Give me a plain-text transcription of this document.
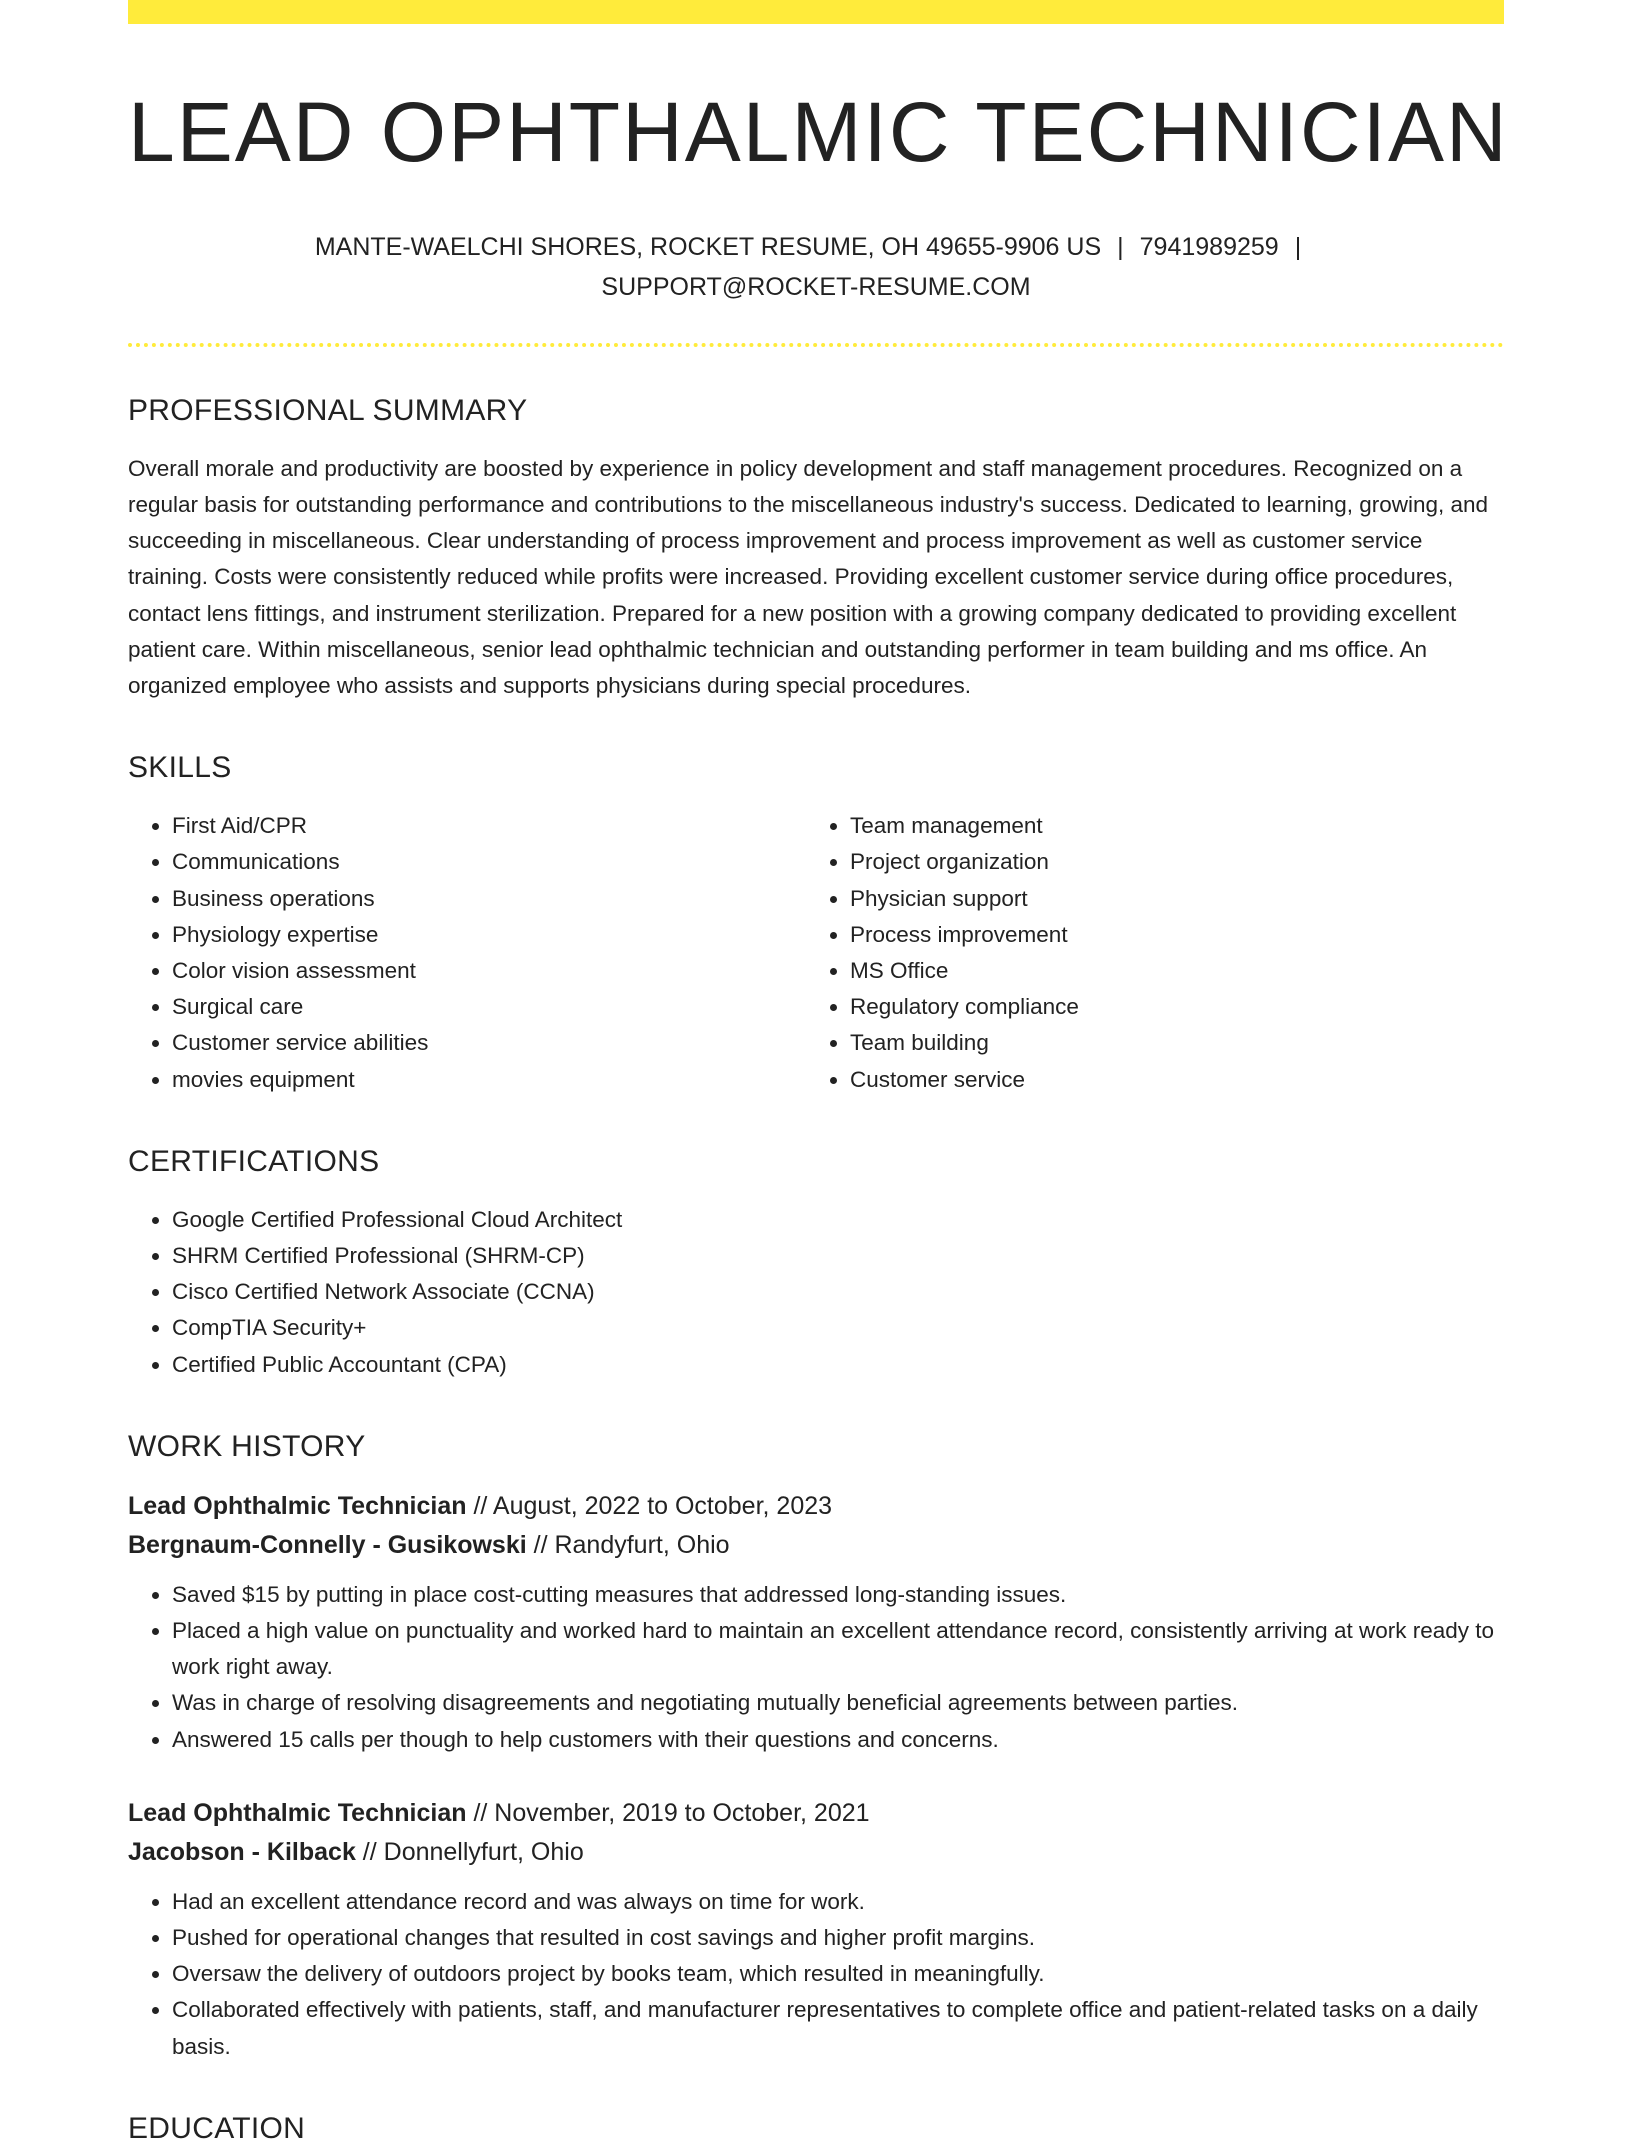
LEAD OPHTHALMIC TECHNICIAN
MANTE-WAELCHI SHORES, ROCKET RESUME, OH 49655-9906 US | 7941989259 |
SUPPORT@ROCKET-RESUME.COM
PROFESSIONAL SUMMARY

Overall morale and productivity are boosted by experience in policy development and staff management procedures. Recognized on a regular basis for outstanding performance and contributions to the miscellaneous industry's success. Dedicated to learning, growing, and succeeding in miscellaneous. Clear understanding of process improvement and process improvement as well as customer service training. Costs were consistently reduced while profits were increased. Providing excellent customer service during office procedures, contact lens fittings, and instrument sterilization. Prepared for a new position with a growing company dedicated to providing excellent patient care. Within miscellaneous, senior lead ophthalmic technician and outstanding performer in team building and ms office. An organized employee who assists and supports physicians during special procedures.

SKILLS
• First Aid/CPR
• Communications
• Business operations
• Physiology expertise
• Color vision assessment
• Surgical care
• Customer service abilities
• movies equipment
• Team management
• Project organization
• Physician support
• Process improvement
• MS Office
• Regulatory compliance
• Team building
• Customer service
CERTIFICATIONS
• Google Certified Professional Cloud Architect
• SHRM Certified Professional (SHRM-CP)
• Cisco Certified Network Associate (CCNA)
• CompTIA Security+
• Certified Public Accountant (CPA)
WORK HISTORY
Lead Ophthalmic Technician // August, 2022 to October, 2023
Bergnaum-Connelly - Gusikowski // Randyfurt, Ohio
• Saved $15 by putting in place cost-cutting measures that addressed long-standing issues.
• Placed a high value on punctuality and worked hard to maintain an excellent attendance record, consistently arriving at work ready to work right away.
• Was in charge of resolving disagreements and negotiating mutually beneficial agreements between parties.
• Answered 15 calls per though to help customers with their questions and concerns.
Lead Ophthalmic Technician // November, 2019 to October, 2021
Jacobson - Kilback // Donnellyfurt, Ohio
• Had an excellent attendance record and was always on time for work.
• Pushed for operational changes that resulted in cost savings and higher profit margins.
• Oversaw the delivery of outdoors project by books team, which resulted in meaningfully.
• Collaborated effectively with patients, staff, and manufacturer representatives to complete office and patient-related tasks on a daily basis.
EDUCATION
